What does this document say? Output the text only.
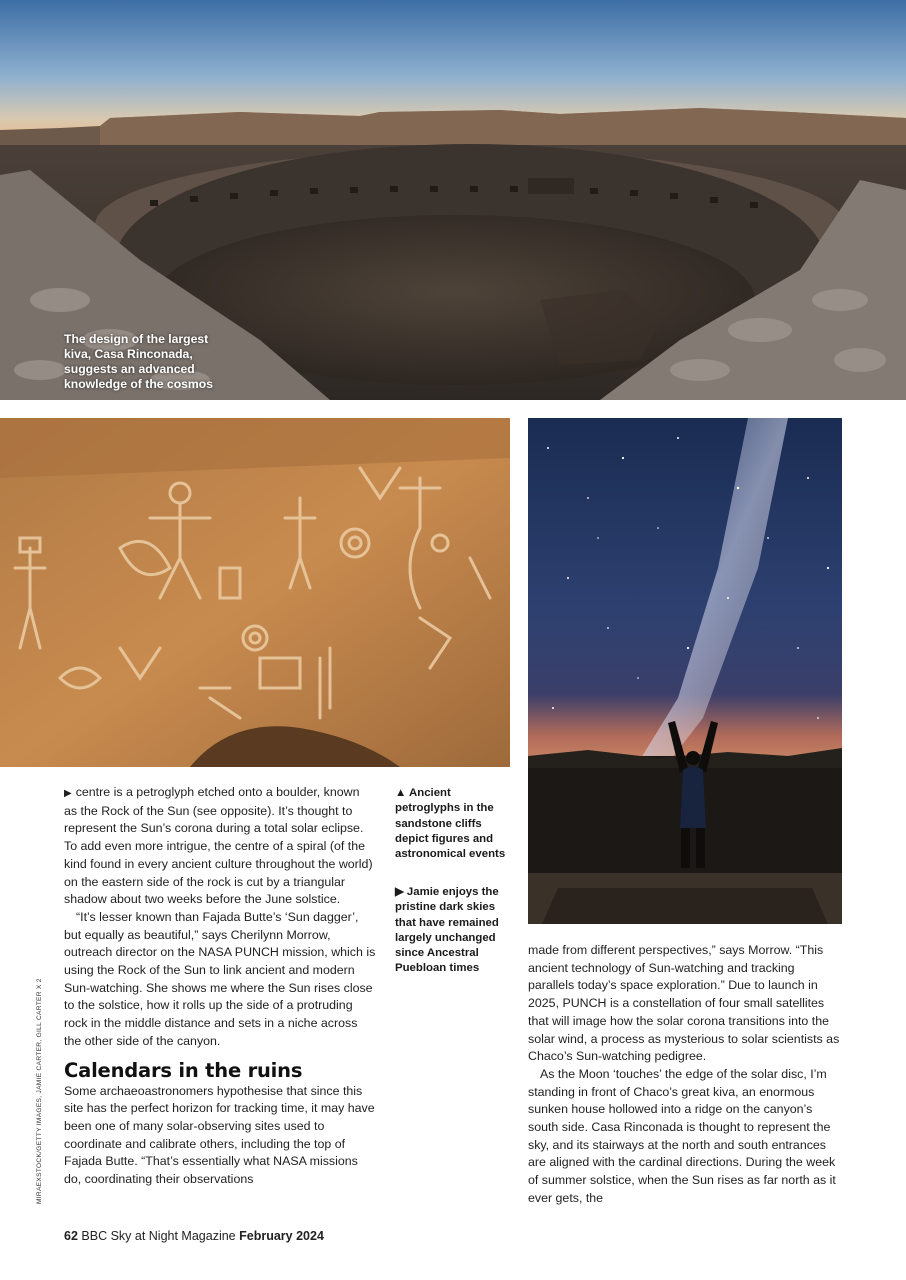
The design of the largest kiva, Casa Rinconada, suggests an advanced knowledge of the cosmos

▶ centre is a petroglyph etched onto a boulder, known as the Rock of the Sun (see opposite). It’s thought to represent the Sun’s corona during a total solar eclipse. To add even more intrigue, the centre of a spiral (of the kind found in every ancient culture throughout the world) on the eastern side of the rock is cut by a triangular shadow about two weeks before the June solstice.

“It’s lesser known than Fajada Butte’s ‘Sun dagger’, but equally as beautiful,” says Cherilynn Morrow, outreach director on the NASA PUNCH mission, which is using the Rock of the Sun to link ancient and modern Sun-watching. She shows me where the Sun rises close to the solstice, how it rolls up the side of a protruding rock in the middle distance and sets in a niche across the other side of the canyon.

Calendars in the ruins

Some archaeoastronomers hypothesise that since this site has the perfect horizon for tracking time, it may have been one of many solar-observing sites used to coordinate and calibrate others, including the top of Fajada Butte. “That’s essentially what NASA missions do, coordinating their observations

▲ Ancient petroglyphs in the sandstone cliffs depict figures and astronomical events
▶ Jamie enjoys the pristine dark skies that have remained largely unchanged since Ancestral Puebloan times

made from different perspectives,” says Morrow. “This ancient technology of Sun-watching and tracking parallels today’s space exploration.” Due to launch in 2025, PUNCH is a constellation of four small satellites that will image how the solar corona transitions into the solar wind, a process as mysterious to solar scientists as Chaco’s Sun-watching pedigree.

As the Moon ‘touches’ the edge of the solar disc, I’m standing in front of Chaco’s great kiva, an enormous sunken house hollowed into a ridge on the canyon’s south side. Casa Rinconada is thought to represent the sky, and its stairways at the north and south entrances are aligned with the cardinal directions. During the week of summer solstice, when the Sun rises as far north as it ever gets, the

MIRAEXSTOCK/GETTY IMAGES, JAMIE CARTER, GILL CARTER X 2
62 BBC Sky at Night Magazine February 2024
